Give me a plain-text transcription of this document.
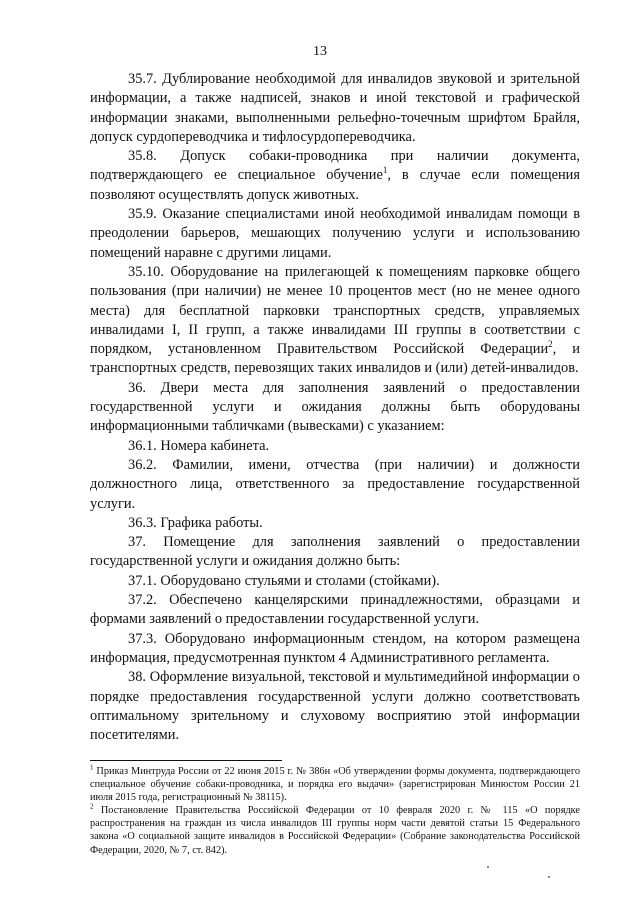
13

35.7. Дублирование необходимой для инвалидов звуковой и зрительной информации, а также надписей, знаков и иной текстовой и графической информации знаками, выполненными рельефно-точечным шрифтом Брайля, допуск сурдопереводчика и тифлосурдопереводчика.

35.8. Допуск собаки-проводника при наличии документа, подтверждающего ее специальное обучение$^1$, в случае если помещения позволяют осуществлять допуск животных.

35.9. Оказание специалистами иной необходимой инвалидам помощи в преодолении барьеров, мешающих получению услуги и использованию помещений наравне с другими лицами.

35.10. Оборудование на прилегающей к помещениям парковке общего пользования (при наличии) не менее 10 процентов мест (но не менее одного места) для бесплатной парковки транспортных средств, управляемых инвалидами I, II групп, а также инвалидами III группы в соответствии с порядком, установленном Правительством Российской Федерации$^2$, и транспортных средств, перевозящих таких инвалидов и (или) детей-инвалидов.

36. Двери места для заполнения заявлений о предоставлении государственной услуги и ожидания должны быть оборудованы информационными табличками (вывесками) с указанием:

36.1. Номера кабинета.

36.2. Фамилии, имени, отчества (при наличии) и должности должностного лица, ответственного за предоставление государственной услуги.

36.3. Графика работы.

37. Помещение для заполнения заявлений о предоставлении государственной услуги и ожидания должно быть:

37.1. Оборудовано стульями и столами (стойками).

37.2. Обеспечено канцелярскими принадлежностями, образцами и формами заявлений о предоставлении государственной услуги.

37.3. Оборудовано информационным стендом, на котором размещена информация, предусмотренная пунктом 4 Административного регламента.

38. Оформление визуальной, текстовой и мультимедийной информации о порядке предоставления государственной услуги должно соответствовать оптимальному зрительному и слуховому восприятию этой информации посетителями.

$^1$ Приказ Минтруда России от 22 июня 2015 г. № 386н «Об утверждении формы документа, подтверждающего специальное обучение собаки-проводника, и порядка его выдачи» (зарегистрирован Минюстом России 21 июля 2015 года, регистрационный № 38115).

$^2$ Постановление Правительства Российской Федерации от 10 февраля 2020 г. № 115 «О порядке распространения на граждан из числа инвалидов III группы норм части девятой статьи 15 Федерального закона «О социальной защите инвалидов в Российской Федерации» (Собрание законодательства Российской Федерации, 2020, № 7, ст. 842).
